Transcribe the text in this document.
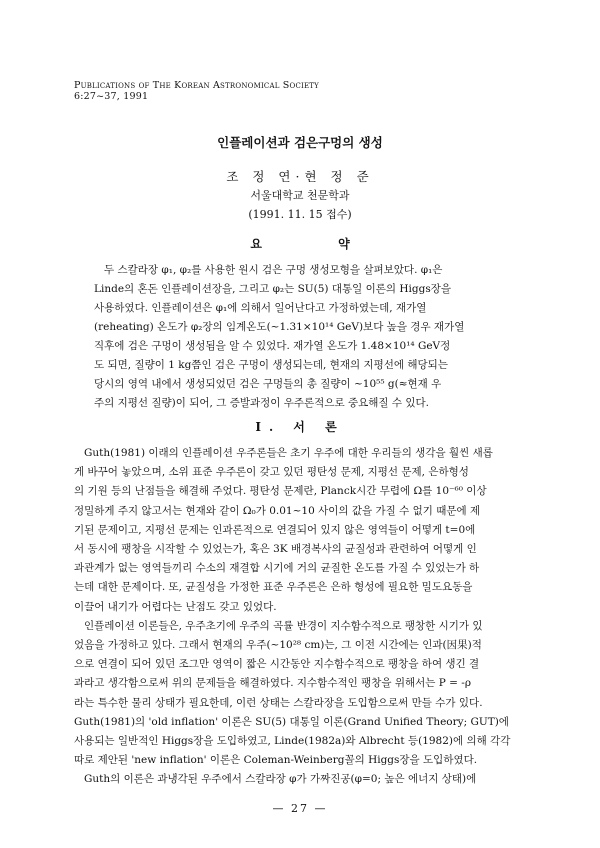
Publications of The Korean Astronomical Society
6:27~37, 1991
인플레이션과 검은구멍의 생성
조 정 연·현 정 준
서울대학교 천문학과
(1991. 11. 15 접수)
요 약
두 스칼라장 φ₁, φ₂를 사용한 원시 검은 구멍 생성모형을 살펴보았다. φ₁은
Linde의 혼돈 인플레이션장을, 그리고 φ₂는 SU(5) 대통일 이론의 Higgs장을
사용하였다. 인플레이션은 φ₁에 의해서 일어난다고 가정하였는데, 재가열
(reheating) 온도가 φ₂장의 임계온도(~1.31×10¹⁴ GeV)보다 높을 경우 재가열
직후에 검은 구멍이 생성됨을 알 수 있었다. 재가열 온도가 1.48×10¹⁴ GeV정
도 되면, 질량이 1 kg쯤인 검은 구멍이 생성되는데, 현재의 지평선에 해당되는
당시의 영역 내에서 생성되었던 검은 구멍들의 총 질량이 ~10⁵⁵ g(≈현재 우
주의 지평선 질량)이 되어, 그 증발과정이 우주론적으로 중요해질 수 있다.
I. 서 론
Guth(1981) 이래의 인플레이션 우주론들은 초기 우주에 대한 우리들의 생각을 훨씬 새롭
게 바꾸어 놓았으며, 소위 표준 우주론이 갖고 있던 평탄성 문제, 지평선 문제, 은하형성
의 기원 등의 난점들을 해결해 주었다. 평탄성 문제란, Planck시간 무렵에 Ω를 10⁻⁶⁰ 이상
정밀하게 주지 않고서는 현재와 같이 Ω₀가 0.01~10 사이의 값을 가질 수 없기 때문에 제
기된 문제이고, 지평선 문제는 인과론적으로 연결되어 있지 않은 영역들이 어떻게 t=0에
서 동시에 팽창을 시작할 수 있었는가, 혹은 3K 배경복사의 균질성과 관련하여 어떻게 인
과관계가 없는 영역들끼리 수소의 재결합 시기에 거의 균질한 온도를 가질 수 있었는가 하
는데 대한 문제이다. 또, 균질성을 가정한 표준 우주론은 은하 형성에 필요한 밀도요동을
이끌어 내기가 어렵다는 난점도 갖고 있었다.
인플레이션 이론들은, 우주초기에 우주의 곡률 반경이 지수함수적으로 팽창한 시기가 있
었음을 가정하고 있다. 그래서 현재의 우주(~10²⁸ cm)는, 그 이전 시간에는 인과(因果)적
으로 연결이 되어 있던 조그만 영역이 짧은 시간동안 지수함수적으로 팽창을 하여 생긴 결
과라고 생각함으로써 위의 문제들을 해결하였다. 지수함수적인 팽창을 위해서는 P = -ρ
라는 특수한 물리 상태가 필요한데, 이런 상태는 스칼라장을 도입함으로써 만들 수가 있다.
Guth(1981)의 'old inflation' 이론은 SU(5) 대통일 이론(Grand Unified Theory; GUT)에
사용되는 일반적인 Higgs장을 도입하였고, Linde(1982a)와 Albrecht 등(1982)에 의해 각각
따로 제안된 'new inflation' 이론은 Coleman-Weinberg꼴의 Higgs장을 도입하였다.
Guth의 이론은 과냉각된 우주에서 스칼라장 φ가 가짜진공(φ=0; 높은 에너지 상태)에
— 27 —
